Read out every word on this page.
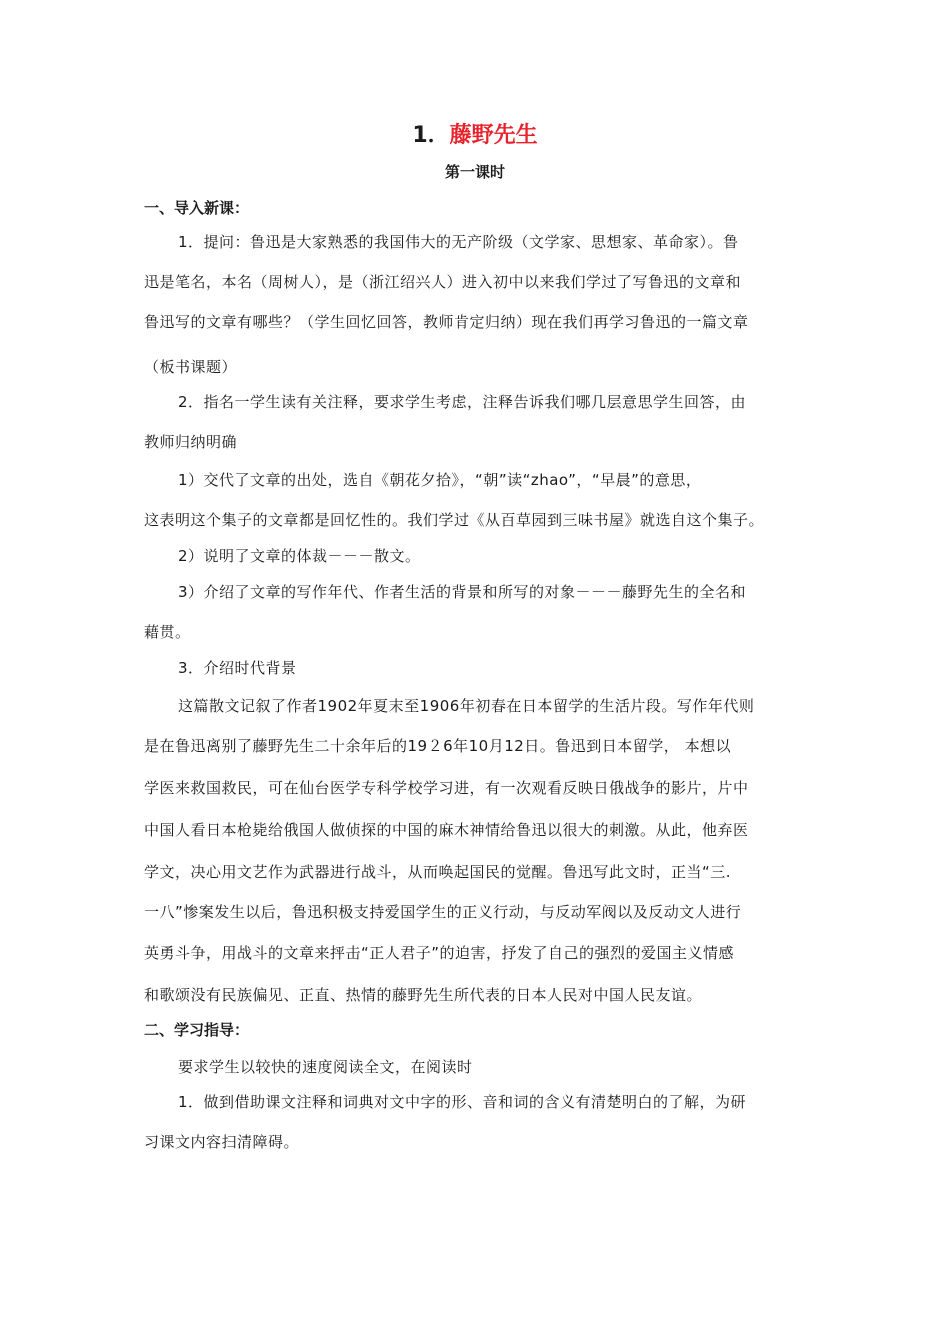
1．藤野先生
第一课时
一、导入新课：
1．提问：鲁迅是大家熟悉的我国伟大的无产阶级（文学家、思想家、革命家）。鲁
迅是笔名，本名（周树人），是（浙江绍兴人）进入初中以来我们学过了写鲁迅的文章和
鲁迅写的文章有哪些？（学生回忆回答，教师肯定归纳）现在我们再学习鲁迅的一篇文章
（板书课题）
2．指名一学生读有关注释，要求学生考虑，注释告诉我们哪几层意思学生回答，由
教师归纳明确
1）交代了文章的出处，选自《朝花夕拾》，“朝”读“zhao”，“早晨”的意思，
这表明这个集子的文章都是回忆性的。我们学过《从百草园到三味书屋》就选自这个集子。
2）说明了文章的体裁－－－散文。
3）介绍了文章的写作年代、作者生活的背景和所写的对象－－－藤野先生的全名和
藉贯。
3．介绍时代背景
这篇散文记叙了作者1902年夏末至1906年初春在日本留学的生活片段。写作年代则
是在鲁迅离别了藤野先生二十余年后的19２6年10月12日。鲁迅到日本留学， 本想以
学医来救国救民，可在仙台医学专科学校学习进，有一次观看反映日俄战争的影片，片中
中国人看日本枪毙给俄国人做侦探的中国的麻木神情给鲁迅以很大的刺激。从此，他弃医
学文，决心用文艺作为武器进行战斗，从而唤起国民的觉醒。鲁迅写此文时，正当“三.
一八”惨案发生以后，鲁迅积极支持爱国学生的正义行动，与反动军阀以及反动文人进行
英勇斗争，用战斗的文章来抨击“正人君子”的迫害，抒发了自己的强烈的爱国主义情感
和歌颂没有民族偏见、正直、热情的藤野先生所代表的日本人民对中国人民友谊。
二、学习指导：
要求学生以较快的速度阅读全文，在阅读时
1．做到借助课文注释和词典对文中字的形、音和词的含义有清楚明白的了解，为研
习课文内容扫清障碍。
